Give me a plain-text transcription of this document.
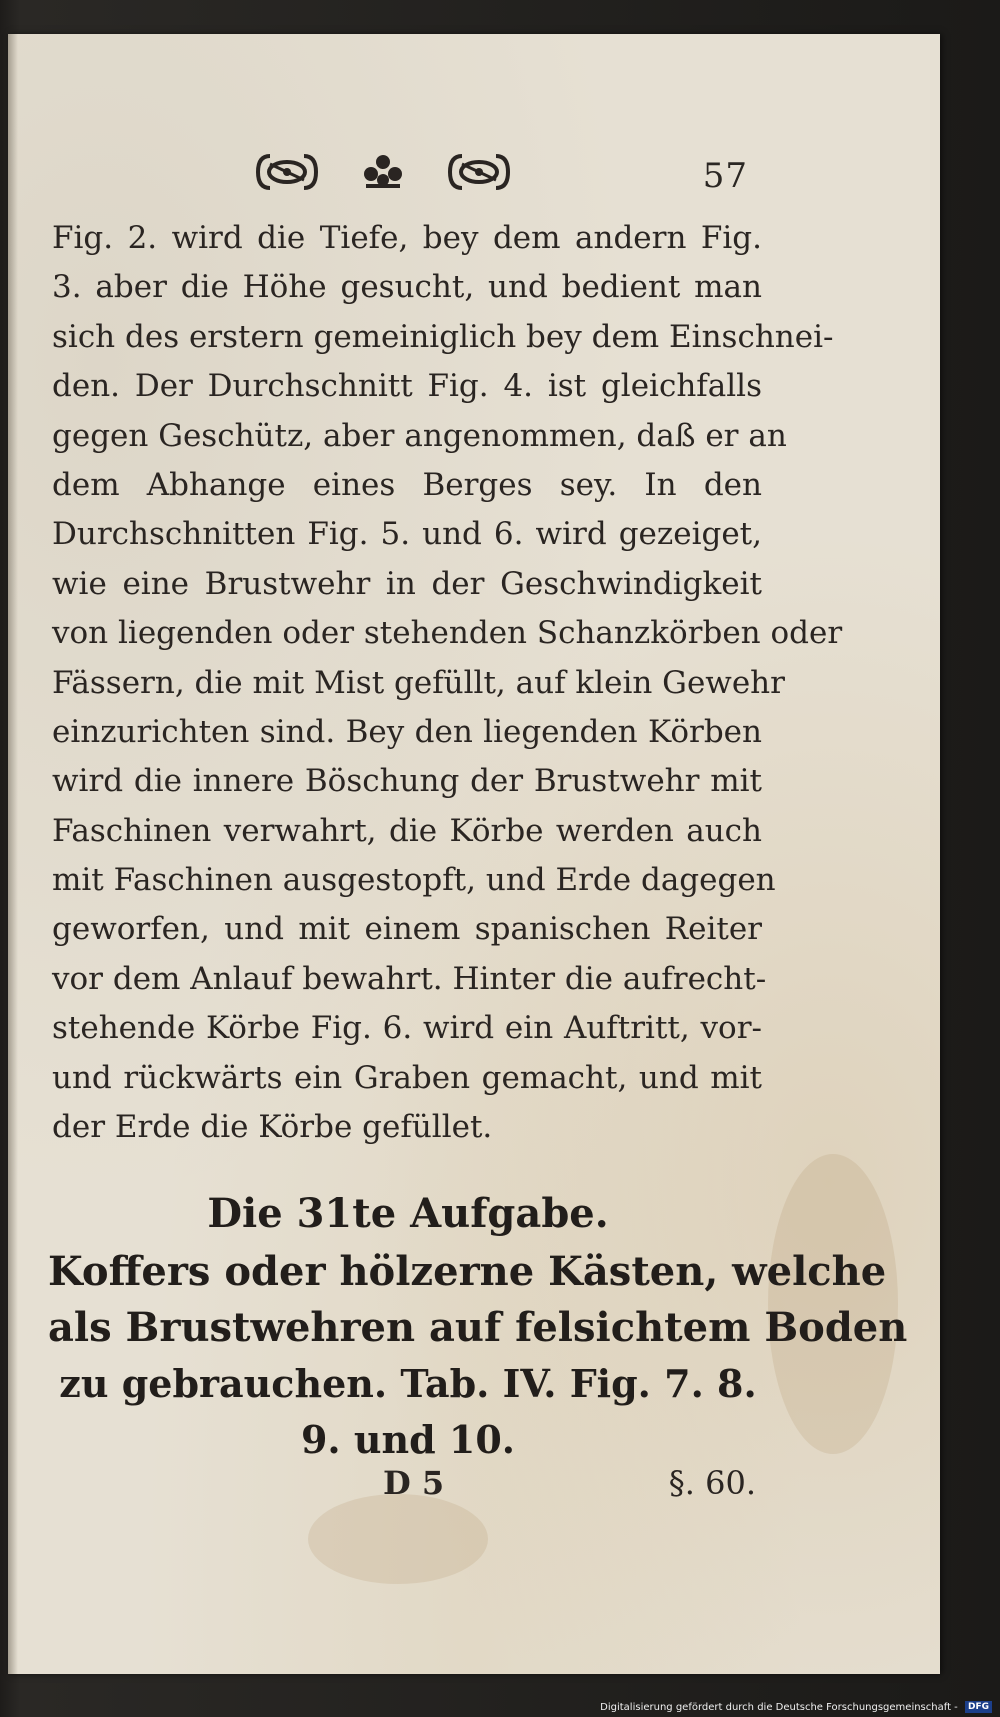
57
Fig. 2. wird die Tiefe, bey dem andern Fig.
3. aber die Höhe gesucht, und bedient man
sich des erstern gemeiniglich bey dem Einschnei-
den. Der Durchschnitt Fig. 4. ist gleichfalls
gegen Geschütz, aber angenommen, daß er an
dem Abhange eines Berges sey. In den
Durchschnitten Fig. 5. und 6. wird gezeiget,
wie eine Brustwehr in der Geschwindigkeit
von liegenden oder stehenden Schanzkörben oder
Fässern, die mit Mist gefüllt, auf klein Gewehr
einzurichten sind. Bey den liegenden Körben
wird die innere Böschung der Brustwehr mit
Faschinen verwahrt, die Körbe werden auch
mit Faschinen ausgestopft, und Erde dagegen
geworfen, und mit einem spanischen Reiter
vor dem Anlauf bewahrt. Hinter die aufrecht-
stehende Körbe Fig. 6. wird ein Auftritt, vor-
und rückwärts ein Graben gemacht, und mit
der Erde die Körbe gefüllet.
Die 31te Aufgabe.
Koffers oder hölzerne Kästen, welche
als Brustwehren auf felsichtem Boden
zu gebrauchen. Tab. IV. Fig. 7. 8.
9. und 10.
D 5	§. 60.
Digitalisierung gefördert durch die Deutsche Forschungsgemeinschaft - DFG
